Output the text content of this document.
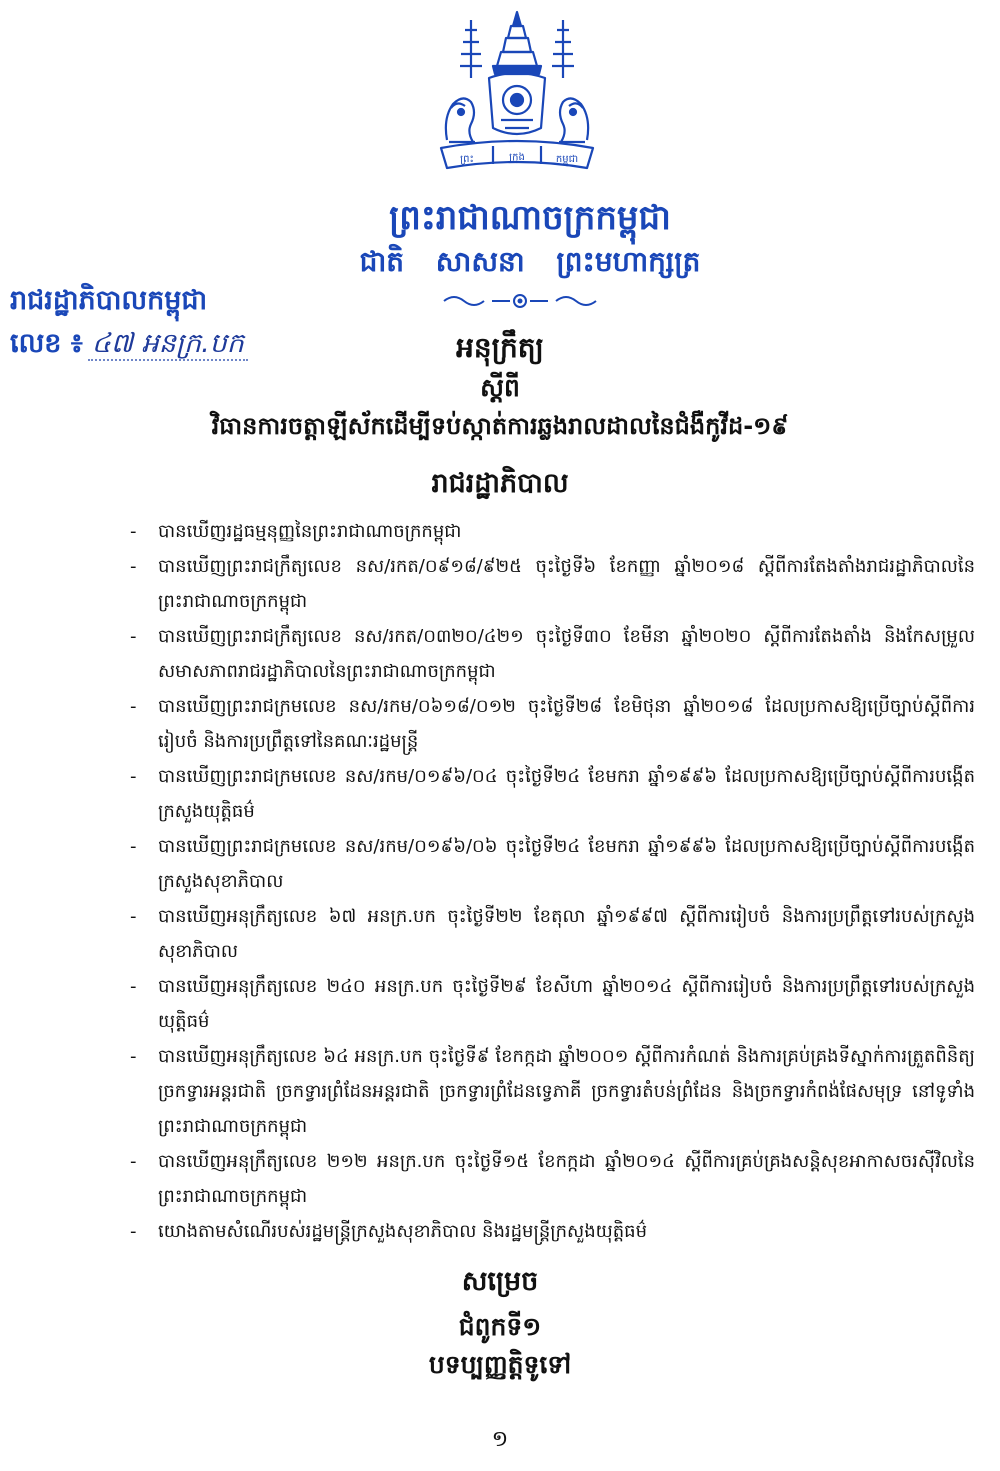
ព្រះ	ក្រុង	កម្ពុជា
ព្រះរាជាណាចក្រកម្ពុជា
ជាតិ សាសនា ព្រះមហាក្សត្រ
រាជរដ្ឋាភិបាលកម្ពុជា
លេខ ៖ ៤៧ អនក្រ.បក	អនុក្រឹត្យ
ស្ដីពី
វិធានការចត្តាឡីស័កដើម្បីទប់ស្កាត់ការឆ្លងរាលដាលនៃជំងឺកូវីដ-១៩
រាជរដ្ឋាភិបាល
- បានឃើញរដ្ឋធម្មនុញ្ញនៃព្រះរាជាណាចក្រកម្ពុជា
- បានឃើញព្រះរាជក្រឹត្យលេខ នស/រកត/០៩១៨/៩២៥ ចុះថ្ងៃទី៦ ខែកញ្ញា ឆ្នាំ២០១៨ ស្ដីពីការតែងតាំងរាជរដ្ឋាភិបាលនៃព្រះរាជាណាចក្រកម្ពុជា
- បានឃើញព្រះរាជក្រឹត្យលេខ នស/រកត/០៣២០/៤២១ ចុះថ្ងៃទី៣០ ខែមីនា ឆ្នាំ២០២០ ស្ដីពីការតែងតាំង និងកែសម្រួលសមាសភាពរាជរដ្ឋាភិបាលនៃព្រះរាជាណាចក្រកម្ពុជា
- បានឃើញព្រះរាជក្រមលេខ នស/រកម/០៦១៨/០១២ ចុះថ្ងៃទី២៨ ខែមិថុនា ឆ្នាំ២០១៨ ដែលប្រកាសឱ្យប្រើច្បាប់ស្ដីពីការរៀបចំ និងការប្រព្រឹត្តទៅនៃគណៈរដ្ឋមន្ត្រី
- បានឃើញព្រះរាជក្រមលេខ នស/រកម/០១៩៦/០៤ ចុះថ្ងៃទី២៤ ខែមករា ឆ្នាំ១៩៩៦ ដែលប្រកាសឱ្យប្រើច្បាប់ស្ដីពីការបង្កើតក្រសួងយុត្តិធម៌
- បានឃើញព្រះរាជក្រមលេខ នស/រកម/០១៩៦/០៦ ចុះថ្ងៃទី២៤ ខែមករា ឆ្នាំ១៩៩៦ ដែលប្រកាសឱ្យប្រើច្បាប់ស្ដីពីការបង្កើតក្រសួងសុខាភិបាល
- បានឃើញអនុក្រឹត្យលេខ ៦៧ អនក្រ.បក ចុះថ្ងៃទី២២ ខែតុលា ឆ្នាំ១៩៩៧ ស្ដីពីការរៀបចំ និងការប្រព្រឹត្តទៅរបស់ក្រសួងសុខាភិបាល
- បានឃើញអនុក្រឹត្យលេខ ២៤០ អនក្រ.បក ចុះថ្ងៃទី២៩ ខែសីហា ឆ្នាំ២០១៤ ស្ដីពីការរៀបចំ និងការប្រព្រឹត្តទៅរបស់ក្រសួងយុត្តិធម៌
- បានឃើញអនុក្រឹត្យលេខ ៦៤ អនក្រ.បក ចុះថ្ងៃទី៩ ខែកក្កដា ឆ្នាំ២០០១ ស្ដីពីការកំណត់ និងការគ្រប់គ្រងទីស្នាក់ការត្រួតពិនិត្យច្រកទ្វារអន្តរជាតិ ច្រកទ្វារព្រំដែនអន្តរជាតិ ច្រកទ្វារព្រំដែនទ្វេភាគី ច្រកទ្វារតំបន់ព្រំដែន និងច្រកទ្វារកំពង់ផែសមុទ្រ នៅទូទាំងព្រះរាជាណាចក្រកម្ពុជា
- បានឃើញអនុក្រឹត្យលេខ ២១២ អនក្រ.បក ចុះថ្ងៃទី១៥ ខែកក្កដា ឆ្នាំ២០១៤ ស្ដីពីការគ្រប់គ្រងសន្តិសុខអាកាសចរស៊ីវិលនៃព្រះរាជាណាចក្រកម្ពុជា
- យោងតាមសំណើរបស់រដ្ឋមន្ត្រីក្រសួងសុខាភិបាល និងរដ្ឋមន្ត្រីក្រសួងយុត្តិធម៌
សម្រេច
ជំពូកទី១
បទប្បញ្ញត្តិទូទៅ
១
